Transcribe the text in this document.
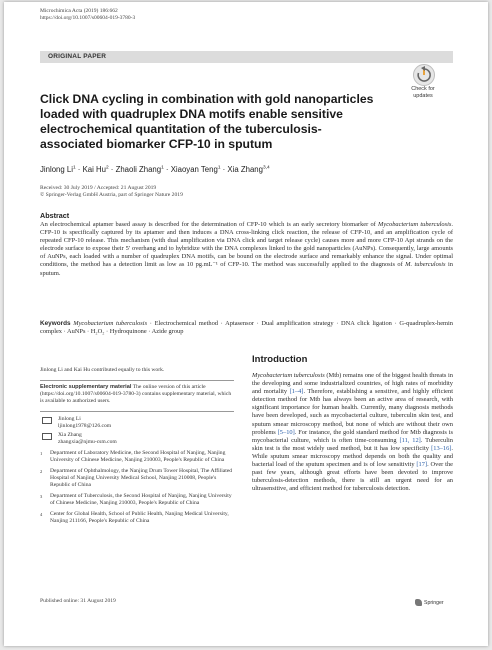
Microchimica Acta (2019) 186:662
https://doi.org/10.1007/s00604-019-3780-3
ORIGINAL PAPER
Check for
updates
Click DNA cycling in combination with gold nanoparticles loaded with quadruplex DNA motifs enable sensitive electrochemical quantitation of the tuberculosis-associated biomarker CFP-10 in sputum
Jinlong $Li^1$ · Kai $Hu^2$ · Zhaoli Zhang$^1$ · Xiaoyan Teng$^1$ · Xia Zhang$^{3,4}$
Received: 30 July 2019 / Accepted: 21 August 2019
© Springer-Verlag GmbH Austria, part of Springer Nature 2019
Abstract
An electrochemical aptamer based assay is described for the determination of CFP-10 which is an early secretory biomarker of Mycobacterium tuberculosis. CFP-10 is specifically captured by its aptamer and then induces a DNA cross-linking click reaction, the release of CFP-10, and an amplification cycle of repeated CFP-10 release. This mechanism (with dual amplification via DNA click and target release cycle) causes more and more CFP-10 Apt strands on the electrode surface to expose their 5′ overhang and to hybridize with the DNA complexes linked to the gold nanoparticles (AuNPs). Consequently, large amounts of AuNPs, each loaded with a number of quadruplex DNA motifs, can be bound on the electrode surface and remarkably enhance the signal. Under optimal conditions, the method has a detection limit as low as 10 pg.mL⁻¹ of CFP-10. The method was successfully applied to the diagnosis of M. tuberculosis in sputum.
Keywords Mycobacterium tuberculosis · Electrochemical method · Aptasensor · Dual amplification strategy · DNA click ligation · G-quadruplex-hemin complex · AuNPs · H₂O₂ · Hydroquinone · Azide group
Jinlong Li and Kai Hu contributed equally to this work.
Electronic supplementary material The online version of this article (https://doi.org/10.1007/s00604-019-3780-3) contains supplementary material, which is available to authorized users.
Jinlong Li
ljinlong1978@126.com
Xia Zhang
zhangxia@njmu-csm.com
1	Department of Laboratory Medicine, the Second Hospital of Nanjing, Nanjing University of Chinese Medicine, Nanjing 210003, People's Republic of China
2	Department of Ophthalmology, the Nanjing Drum Tower Hospital, The Affiliated Hospital of Nanjing University Medical School, Nanjing 210008, People's Republic of China
3	Department of Tuberculosis, the Second Hospital of Nanjing, Nanjing University of Chinese Medicine, Nanjing 210003, People's Republic of China
4	Center for Global Health, School of Public Health, Nanjing Medical University, Nanjing 211166, People's Republic of China
Introduction
Mycobacterium tuberculosis (Mtb) remains one of the biggest health threats in the developing and some industrialized countries, of high rates of morbidity and mortality [1–4]. Therefore, establishing a sensitive, and highly efficient detection method for Mtb has always been an active area of research, with significant importance for human health. Currently, many diagnosis methods have been developed, such as mycobacterial culture, tuberculin skin test, and sputum smear microscopy method, but none of which are without their own problems [5–10]. For instance, the gold standard method for Mtb diagnosis is mycobacterial culture, which is often time-consuming [11, 12]. Tuberculin skin test is the most widely used method, but it has low specificity [13–16]. While sputum smear microscopy method depends on both the quality and bacterial load of the sputum specimen and is of low sensitivity [17]. Over the past few years, although great efforts have been devoted to improve tuberculosis-detection methods, there is still an urgent need for an ultrasensitive, and efficient method for tuberculosis detection.
Published online: 31 August 2019	Springer
